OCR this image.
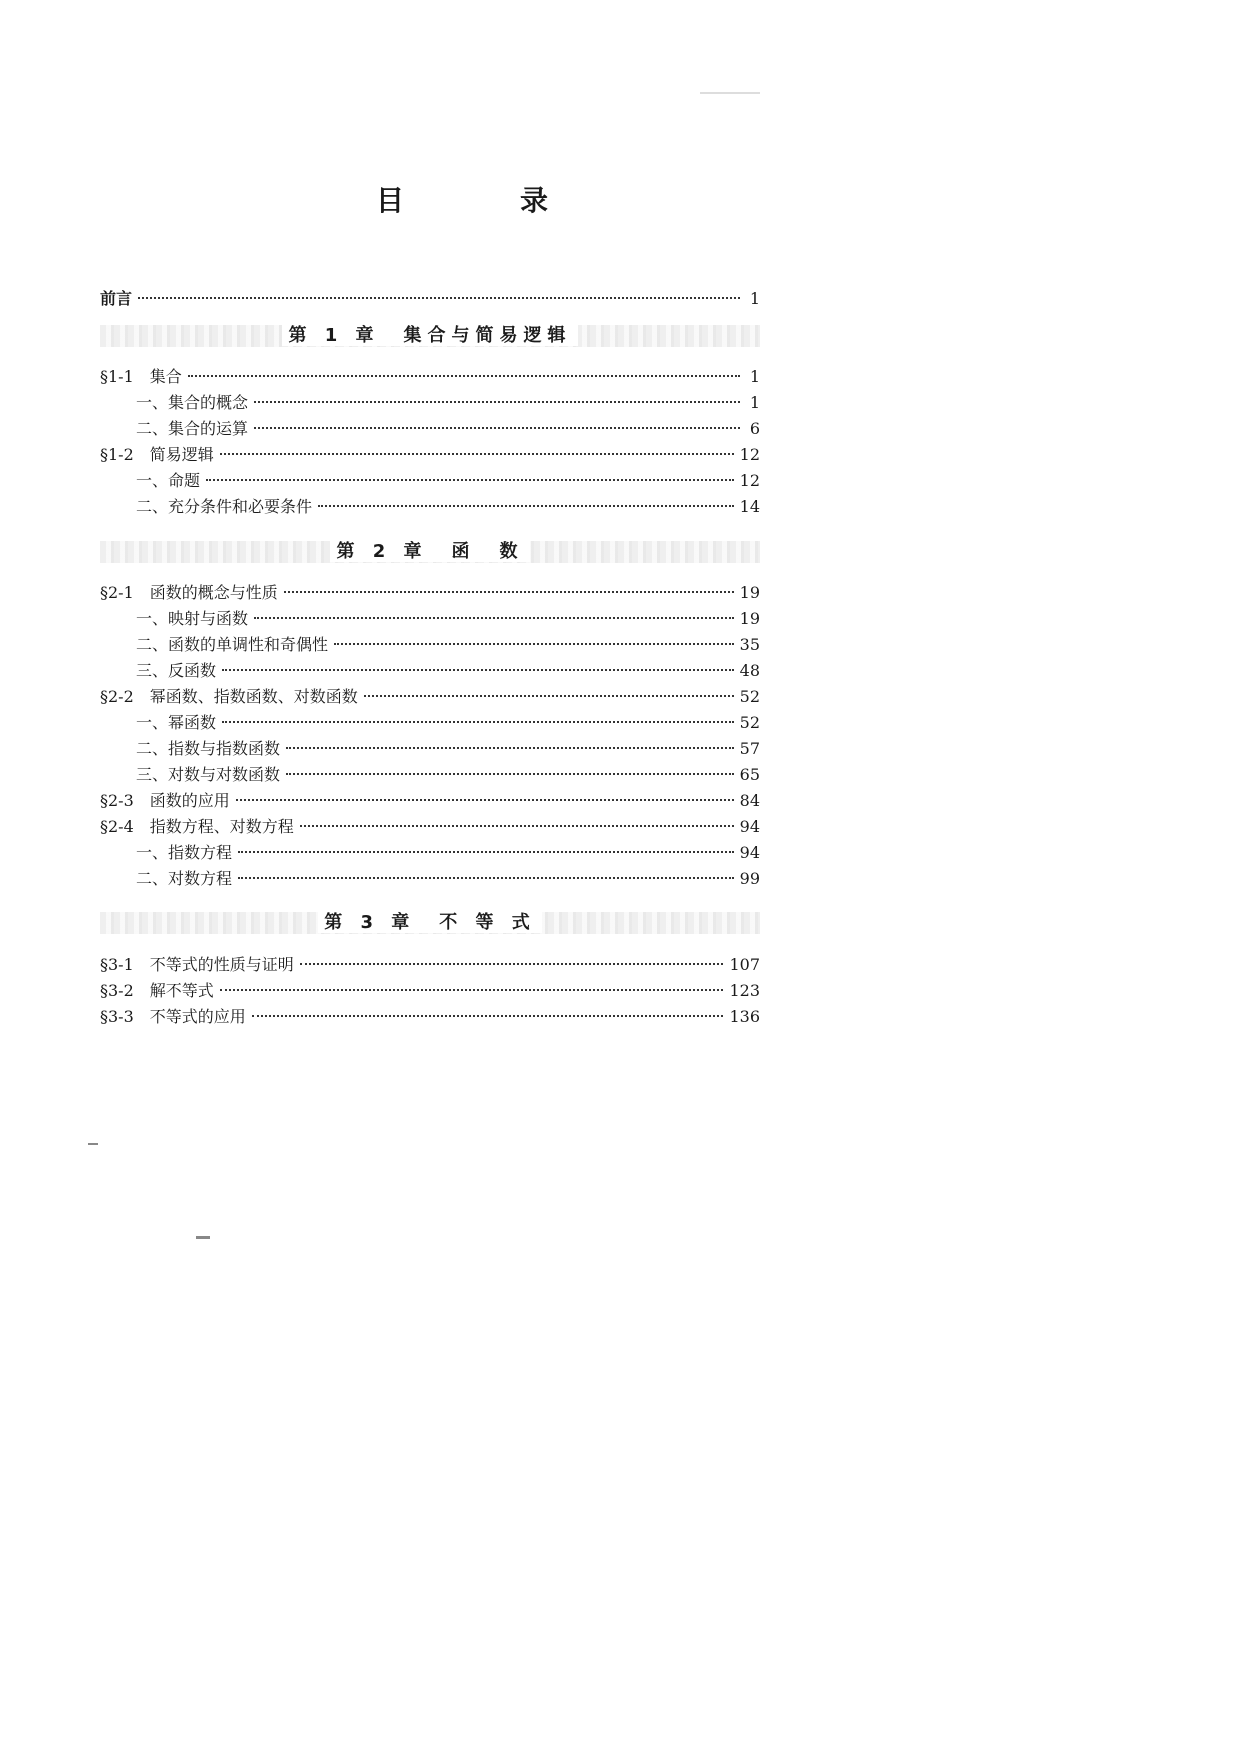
目　录
前言	1
第 1 章　集合与简易逻辑
§1-1　集合	1
一、集合的概念	1
二、集合的运算	6
§1-2　简易逻辑	12
一、命题	12
二、充分条件和必要条件	14
第 2 章　函　数
§2-1　函数的概念与性质	19
一、映射与函数	19
二、函数的单调性和奇偶性	35
三、反函数	48
§2-2　幂函数、指数函数、对数函数	52
一、幂函数	52
二、指数与指数函数	57
三、对数与对数函数	65
§2-3　函数的应用	84
§2-4　指数方程、对数方程	94
一、指数方程	94
二、对数方程	99
第 3 章　不 等 式
§3-1　不等式的性质与证明	107
§3-2　解不等式	123
§3-3　不等式的应用	136
